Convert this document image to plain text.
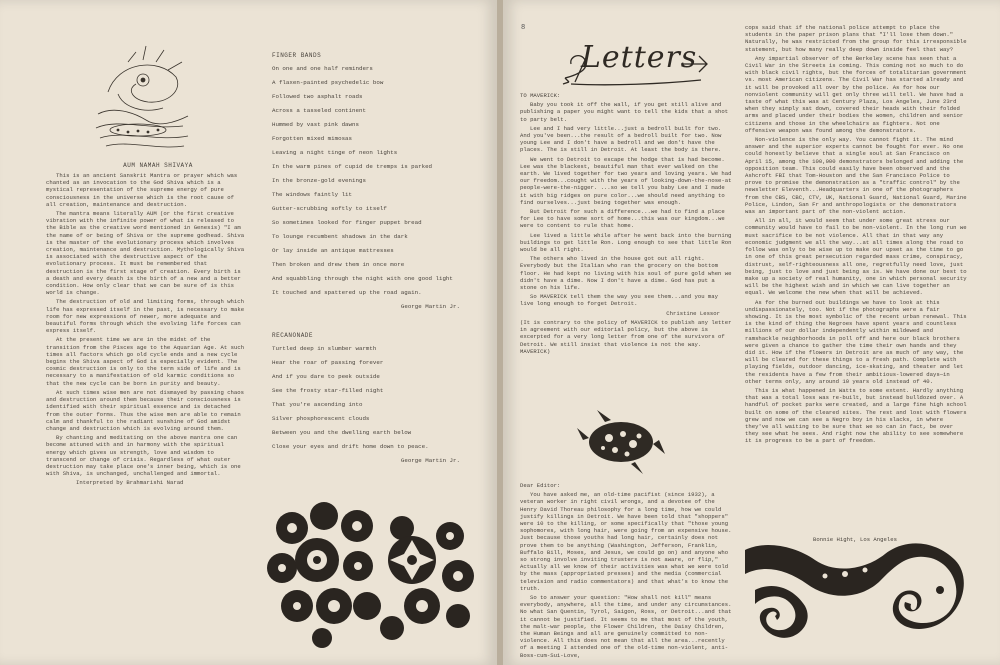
AUM NAMAH SHIVAYA

This is an ancient Sanskrit Mantra or prayer which was chanted as an invocation to the God Shiva which is a mystical representation of the supreme energy of pure consciousness in the universe which is the root cause of all creation, maintenance and destruction.

The mantra means literally AUM (or the first creative vibration with the infinite power of what is released to the Bible as the creative word mentioned in Genesis) "I am the name of or being of Shiva or the supreme godhead. Shiva is the master of the evolutionary process which involves creation, maintenance and destruction. Mythologically Shiva is associated with the destructive aspect of the evolutionary process. It must be remembered that destruction is the first stage of creation. Every birth is a death and every death is the birth of a new and a better condition. How only clear that we can be sure of is this world is change.

The destruction of old and limiting forms, through which life has expressed itself in the past, is necessary to make room for new expressions of newer, more adequate and beautiful forms through which the evolving life forces can express itself.

At the present time we are in the midst of the transition from the Pisces age to the Aquarian Age. At such times all factors which go old cycle ends and a new cycle begins the Shiva aspect of God is especially evident. The cosmic destruction is only to the term side of life and is necessary to a manifestation of old karmic conditions so that the new cycle can be born in purity and beauty.

At such times wise men are not dismayed by passing chaos and destruction around them because their consciousness is identified with their spiritual essence and is detached from the outer forms. Thus the wise men are able to remain calm and thankful to the radiant sunshine of God amidst change and destruction which is evolving around them.

By chanting and meditating on the above mantra one can become attuned with and in harmony with the spiritual energy which gives us strength, love and wisdom to transcend or change of crisis. Regardless of what outer destruction may take place one's inner being, which is one with Shiva, is unchanged, unchallenged and immortal.

Interpreted by Brahmarishi Narad

FINGER BANDS
On one and one half reminders
A flaxen-painted psychedelic bow
Followed two asphalt roads
Across a tasseled continent
Hummed by vast pink dawns
Forgotten mixed mimosas
Leaving a night tinge of neon lights
In the warm pines of cupid de tremps is parked
In the bronze-gold evenings
The windows faintly lit
Gutter-scrubbing softly to itself
So sometimes looked for finger puppet bread
To lounge recumbent shadows in the dark
Or lay inside an antique mattresses
Then broken and drew them in once more
And squabbling through the night with one good light
It touched and spattered up the road again.
George Martin Jr.
RECANONADE
Turtled deep in slumber warmth
Hear the roar of passing forever
And if you dare to peek outside
See the frosty star-filled night
That you're ascending into
Silver phosphorescent clouds
Between you and the dwelling earth below
Close your eyes and drift home down to peace.
George Martin Jr.
8
Letters

TO MAVERICK:

Baby you took it off the wall, if you get still alive and publishing a paper you might want to tell the kids that a shot to party belt.

Lee and I had very little...just a bedroll built for two. And you've been...the result of a bedroll built for two. Now young Lee and I don't have a bedroll and we don't have the places. The is still in Detroit. At least the body is there.

We went to Detroit to escape the hodge that is had become. Lee was the blackest, beautiful man that ever walked on the earth. We lived together for two years and loving years. We had our freedom...cought with the years of looking-down-the-nose-at people-were-the-nigger. ...so we tell you baby Lee and I made it with big ridges on pure color...we should need anything to find ourselves...just being together was enough.

But Detroit for such a difference...we had to find a place for Lee to have some sort of home...this was our kingdom...we were to content to rule that home.

Lee lived a little while after he went back into the burning buildings to get little Ron. Long enough to see that little Ron would be all right.

The others who lived in the house got out all right. Everybody but the Italian who ran the grocery on the bottom floor. He had kept no living with his soul of pure gold when we didn't have a dime. Now I don't have a dime. God has put a stone on his life.

So MAVERICK tell them the way you see them...and you may live long enough to forget Detroit.

Christine Lessor

(It is contrary to the policy of MAVERICK to publish any letter in agreement with our editorial policy, but the above is excerpted for a very long letter from one of the survivors of Detroit. We still insist that violence is not the way. MAVERICK)

Dear Editor:

You have asked me, an old-time pacifist (since 1932), a veteran worker in right civil wrongs, and a devotee of the Henry David Thoreau philosophy for a long time, how we could justify killings in Detroit. We have been told that "shoppers" were 10 to the killing, or some specifically that "those young sophomores, with long hair, were going from an expensive house. Just because those youths had long hair, certainly does not prove them to be anything (Washington, Jefferson, Franklin, Buffalo Bill, Moses, and Jesus, we could go on) and anyone who so strong involve inviting trusters is not aware, or flip," Actually all we know of their activities was what we were told by the mass (appropriated presses) and the media (commercial television and radio commentators) and that what's to know the truth.

So to answer your question: "How shall not kill" means everybody, anywhere, all the time, and under any circumstances. No what San Quentin, Tyrol, Saigon, Ross, or Detroit...and that it cannot be justified. It seems to me that most of the youth, the malt-war people, the Flower Children, the Daisy Children, the Human Beings and all are genuinely committed to non-violence. All this does not mean that all the area...recently of a meeting I attended one of the old-time non-violent, anti-Boss-cum-Sui-Love,

cops said that if the national police attempt to place the students in the paper prison plans that "I'll lose them down." Naturally, he was restricted from the group for this irresponsible statement, but how many really deep down inside feel that way?

Any impartial observer of the Berkeley scene has seen that a Civil War in the Streets is coming. This coming not so much to do with black civil rights, but the forces of totalitarian government vs. most American citizens. The Civil War has started already and it will be provoked all over by the police. As for how our nonviolent community will get only three will tell. We have had a taste of what this was at Century Plaza, Los Angeles, June 23rd when they simply sat down, covered their heads with their folded arms and placed under their bodies the women, children and senior citizens and those in the wheelchairs as fighters. Not one offensive weapon was found among the demonstrators.

Non-violence is the only way. You cannot fight it. The mind answer and the superior experts cannot be fought for ever. No one could honestly believe that a single soul at San Francisco on April 15, among the 100,000 demonstrators belonged and adding the opposition team. This could easily have been observed and the Ashcroft FBI that Tom-Houston and the San Francisco Police to prove to promise the demonstration as a "traffic control" by the newsletter Eleventh...Headquarters in one of the photographers from the CBS, CBC, CTV, UK, National Guard, National Guard, Marine Police, Lindon, San Fr and anthropologists or the demonstrators was an important part of the non-violent action.

All in all, it would seem that under some great stress our community would have to fail to be non-violent. In the long run we must sacrifice to be not violence. All that in that way any economic judgment we all the way...at all times along the road to follow was only to be wise up to make our upset as the time to go in one of this great persecution regarded mass crime, conspiracy, distrust, self-righteousness all one, regretfully need love, just being, just to love and just being as is. We have done our best to make up a society of real humanity, one in which personal security will be the highest wish and in which we can live together an equal. We welcome the new when that will be achieved.

As for the burned out buildings we have to look at this undispassionately, too. Not if the photographs were a fair showing. It is the most symbolic of the recent urban renewal. This is the kind of thing the Negroes have spent years and countless millions of our dollar independently within mildewed and ramshackle neighborhoods in poll off and here our black brothers were given a chance to gather the time their own hands and they did it. How if the flowers in Detroit are as much of any way, the will be cleared for these things to a fresh path. Complete with playing fields, outdoor dancing, ice-skating, and theater and let the residents have a few from their ambitious-lowered days—in other terms only, any around 10 years old instead of 40.

This is what happened in Watts to some extent. Hardly anything that was a total loss was re-built, but instead bulldozed over. A handful of pocket parks were created, and a large fine high school built on some of the cleared sites. The rest and lost with flowers grew and now we can see a Negro boy in his slacks, in where they've all waiting to be sure that we so can in fact, be over they see what he sees. And right now the ability to see somewhere it is progress to be a part of freedom.

Bonnie Hight, Los Angeles
